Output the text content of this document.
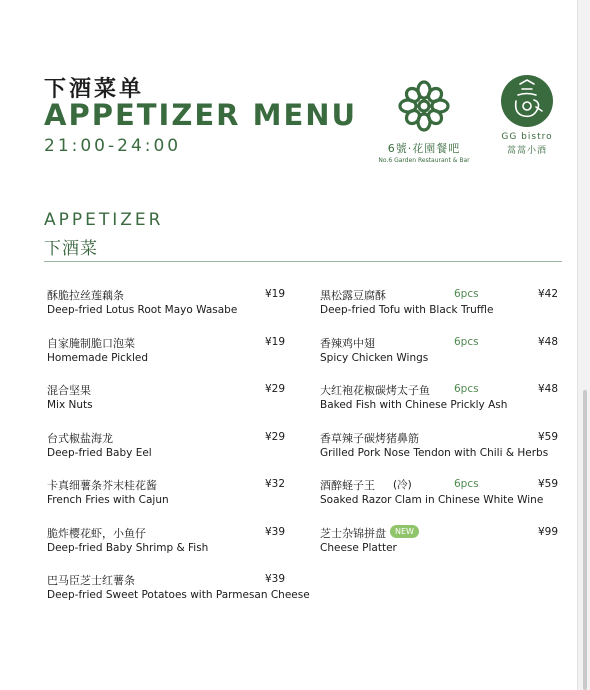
下酒菜单
APPETIZER MENU
21:00-24:00	6號·花園餐吧
No.6 Garden Restaurant & Bar
GG bistro
蒿蒿小酒
APPETIZER
下酒菜
酥脆拉丝莲藕条	¥19
Deep-fried Lotus Root Mayo Wasabe
自家腌制脆口泡菜	¥19
Homemade Pickled
混合坚果	¥29
Mix Nuts
台式椒盐海龙	¥29
Deep-fried Baby Eel
卡真细薯条芥末桂花酱	¥32
French Fries with Cajun
脆炸樱花虾，小鱼仔	¥39
Deep-fried Baby Shrimp & Fish
巴马臣芝士红薯条	¥39
Deep-fried Sweet Potatoes with Parmesan Cheese
黑松露豆腐酥	6pcs	¥42
Deep-fried Tofu with Black Truffle
香辣鸡中翅	6pcs	¥48
Spicy Chicken Wings
大红袍花椒碳烤太子鱼 6pcs	¥48
Baked Fish with Chinese Prickly Ash
香草辣子碳烤猪鼻筋	¥59
Grilled Pork Nose Tendon with Chili & Herbs
酒醉蛏子王 (冷)	6pcs	¥59
Soaked Razor Clam in Chinese White Wine
芝士杂锦拼盘	NEW	¥99
Cheese Platter
